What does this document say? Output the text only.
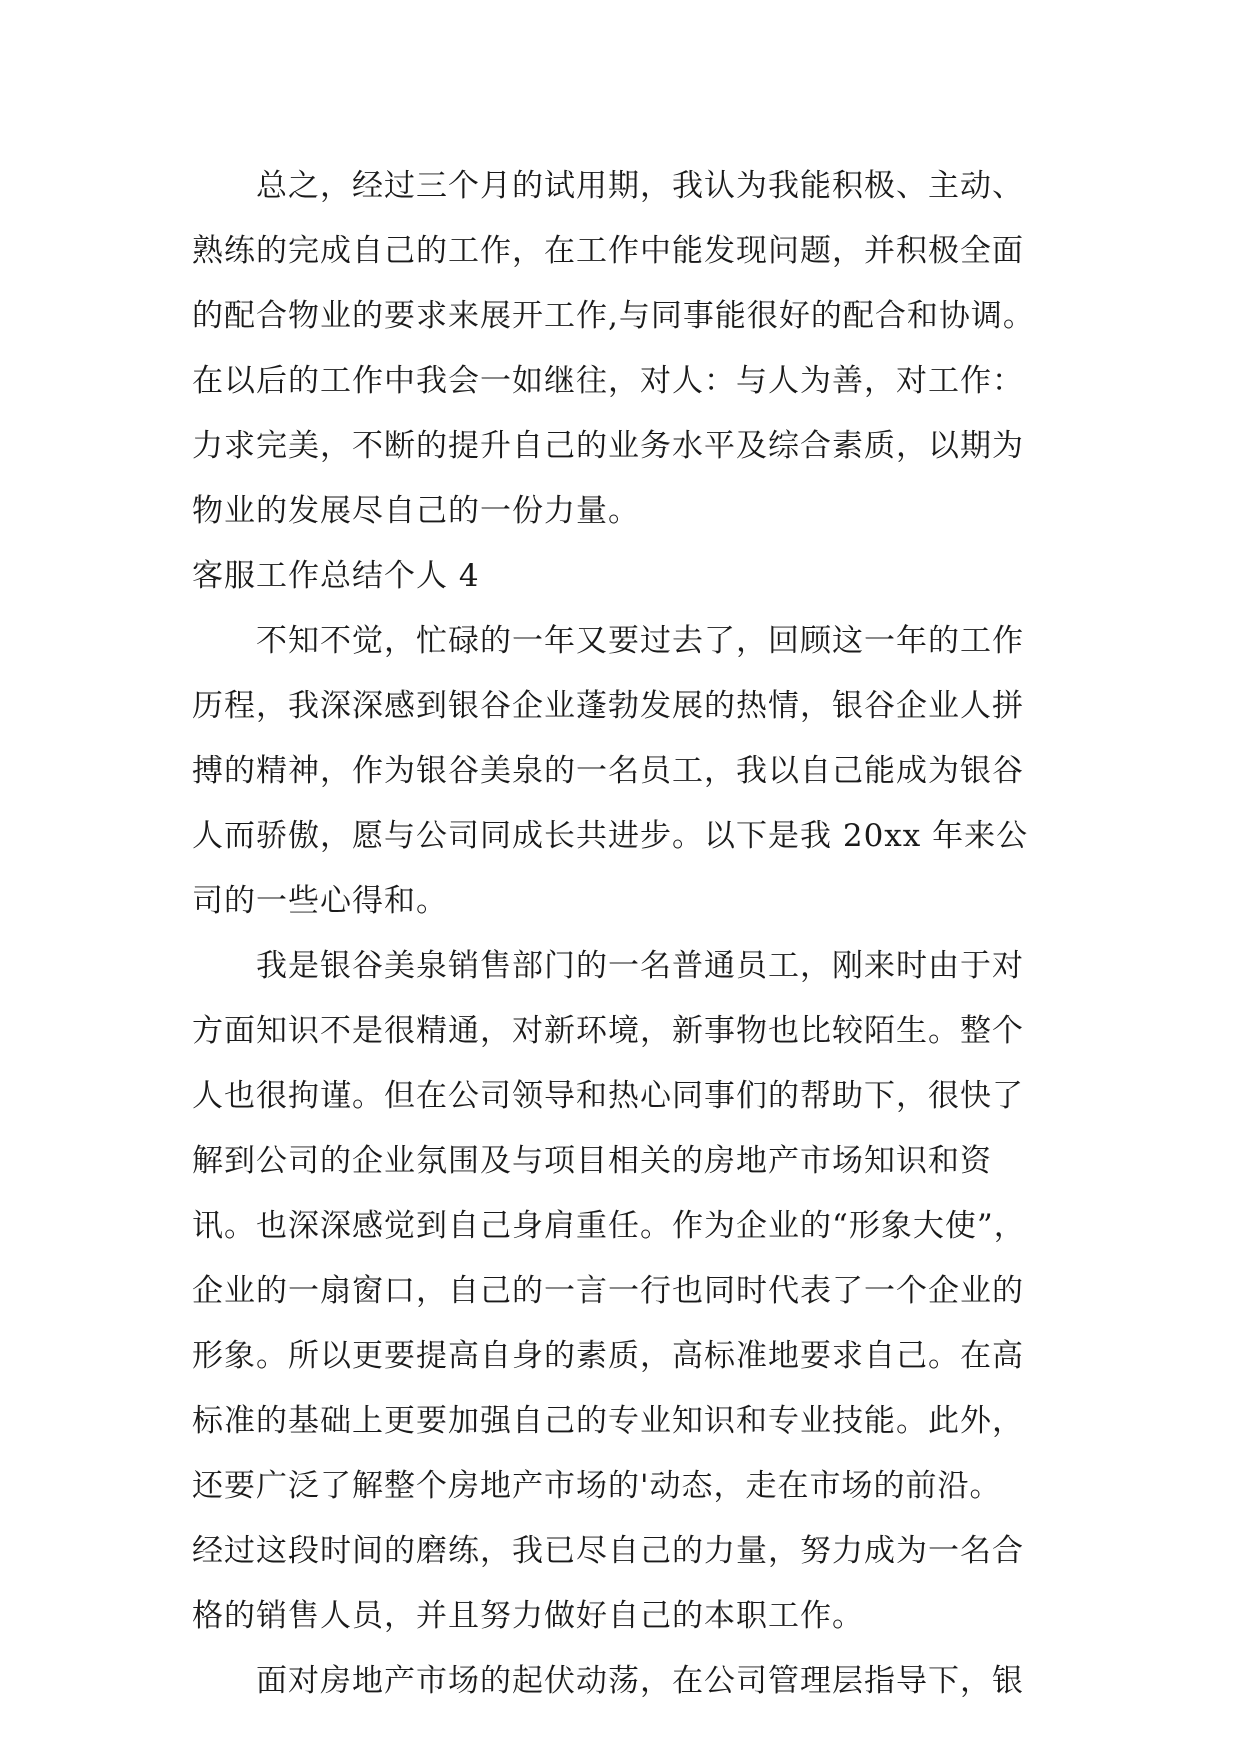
总之，经过三个月的试用期，我认为我能积极、主动、
熟练的完成自己的工作，在工作中能发现问题，并积极全面
的配合物业的要求来展开工作,与同事能很好的配合和协调。
在以后的工作中我会一如继往，对人：与人为善，对工作：
力求完美，不断的提升自己的业务水平及综合素质，以期为
物业的发展尽自己的一份力量。
客服工作总结个人 4
不知不觉，忙碌的一年又要过去了，回顾这一年的工作
历程，我深深感到银谷企业蓬勃发展的热情，银谷企业人拼
搏的精神，作为银谷美泉的一名员工，我以自己能成为银谷
人而骄傲，愿与公司同成长共进步。以下是我 20xx 年来公
司的一些心得和。
我是银谷美泉销售部门的一名普通员工，刚来时由于对
方面知识不是很精通，对新环境，新事物也比较陌生。整个
人也很拘谨。但在公司领导和热心同事们的帮助下，很快了
解到公司的企业氛围及与项目相关的房地产市场知识和资
讯。也深深感觉到自己身肩重任。作为企业的“形象大使”，
企业的一扇窗口，自己的一言一行也同时代表了一个企业的
形象。所以更要提高自身的素质，高标准地要求自己。在高
标准的基础上更要加强自己的专业知识和专业技能。此外，
还要广泛了解整个房地产市场的'动态，走在市场的前沿。
经过这段时间的磨练，我已尽自己的力量，努力成为一名合
格的销售人员，并且努力做好自己的本职工作。
面对房地产市场的起伏动荡，在公司管理层指导下，银
